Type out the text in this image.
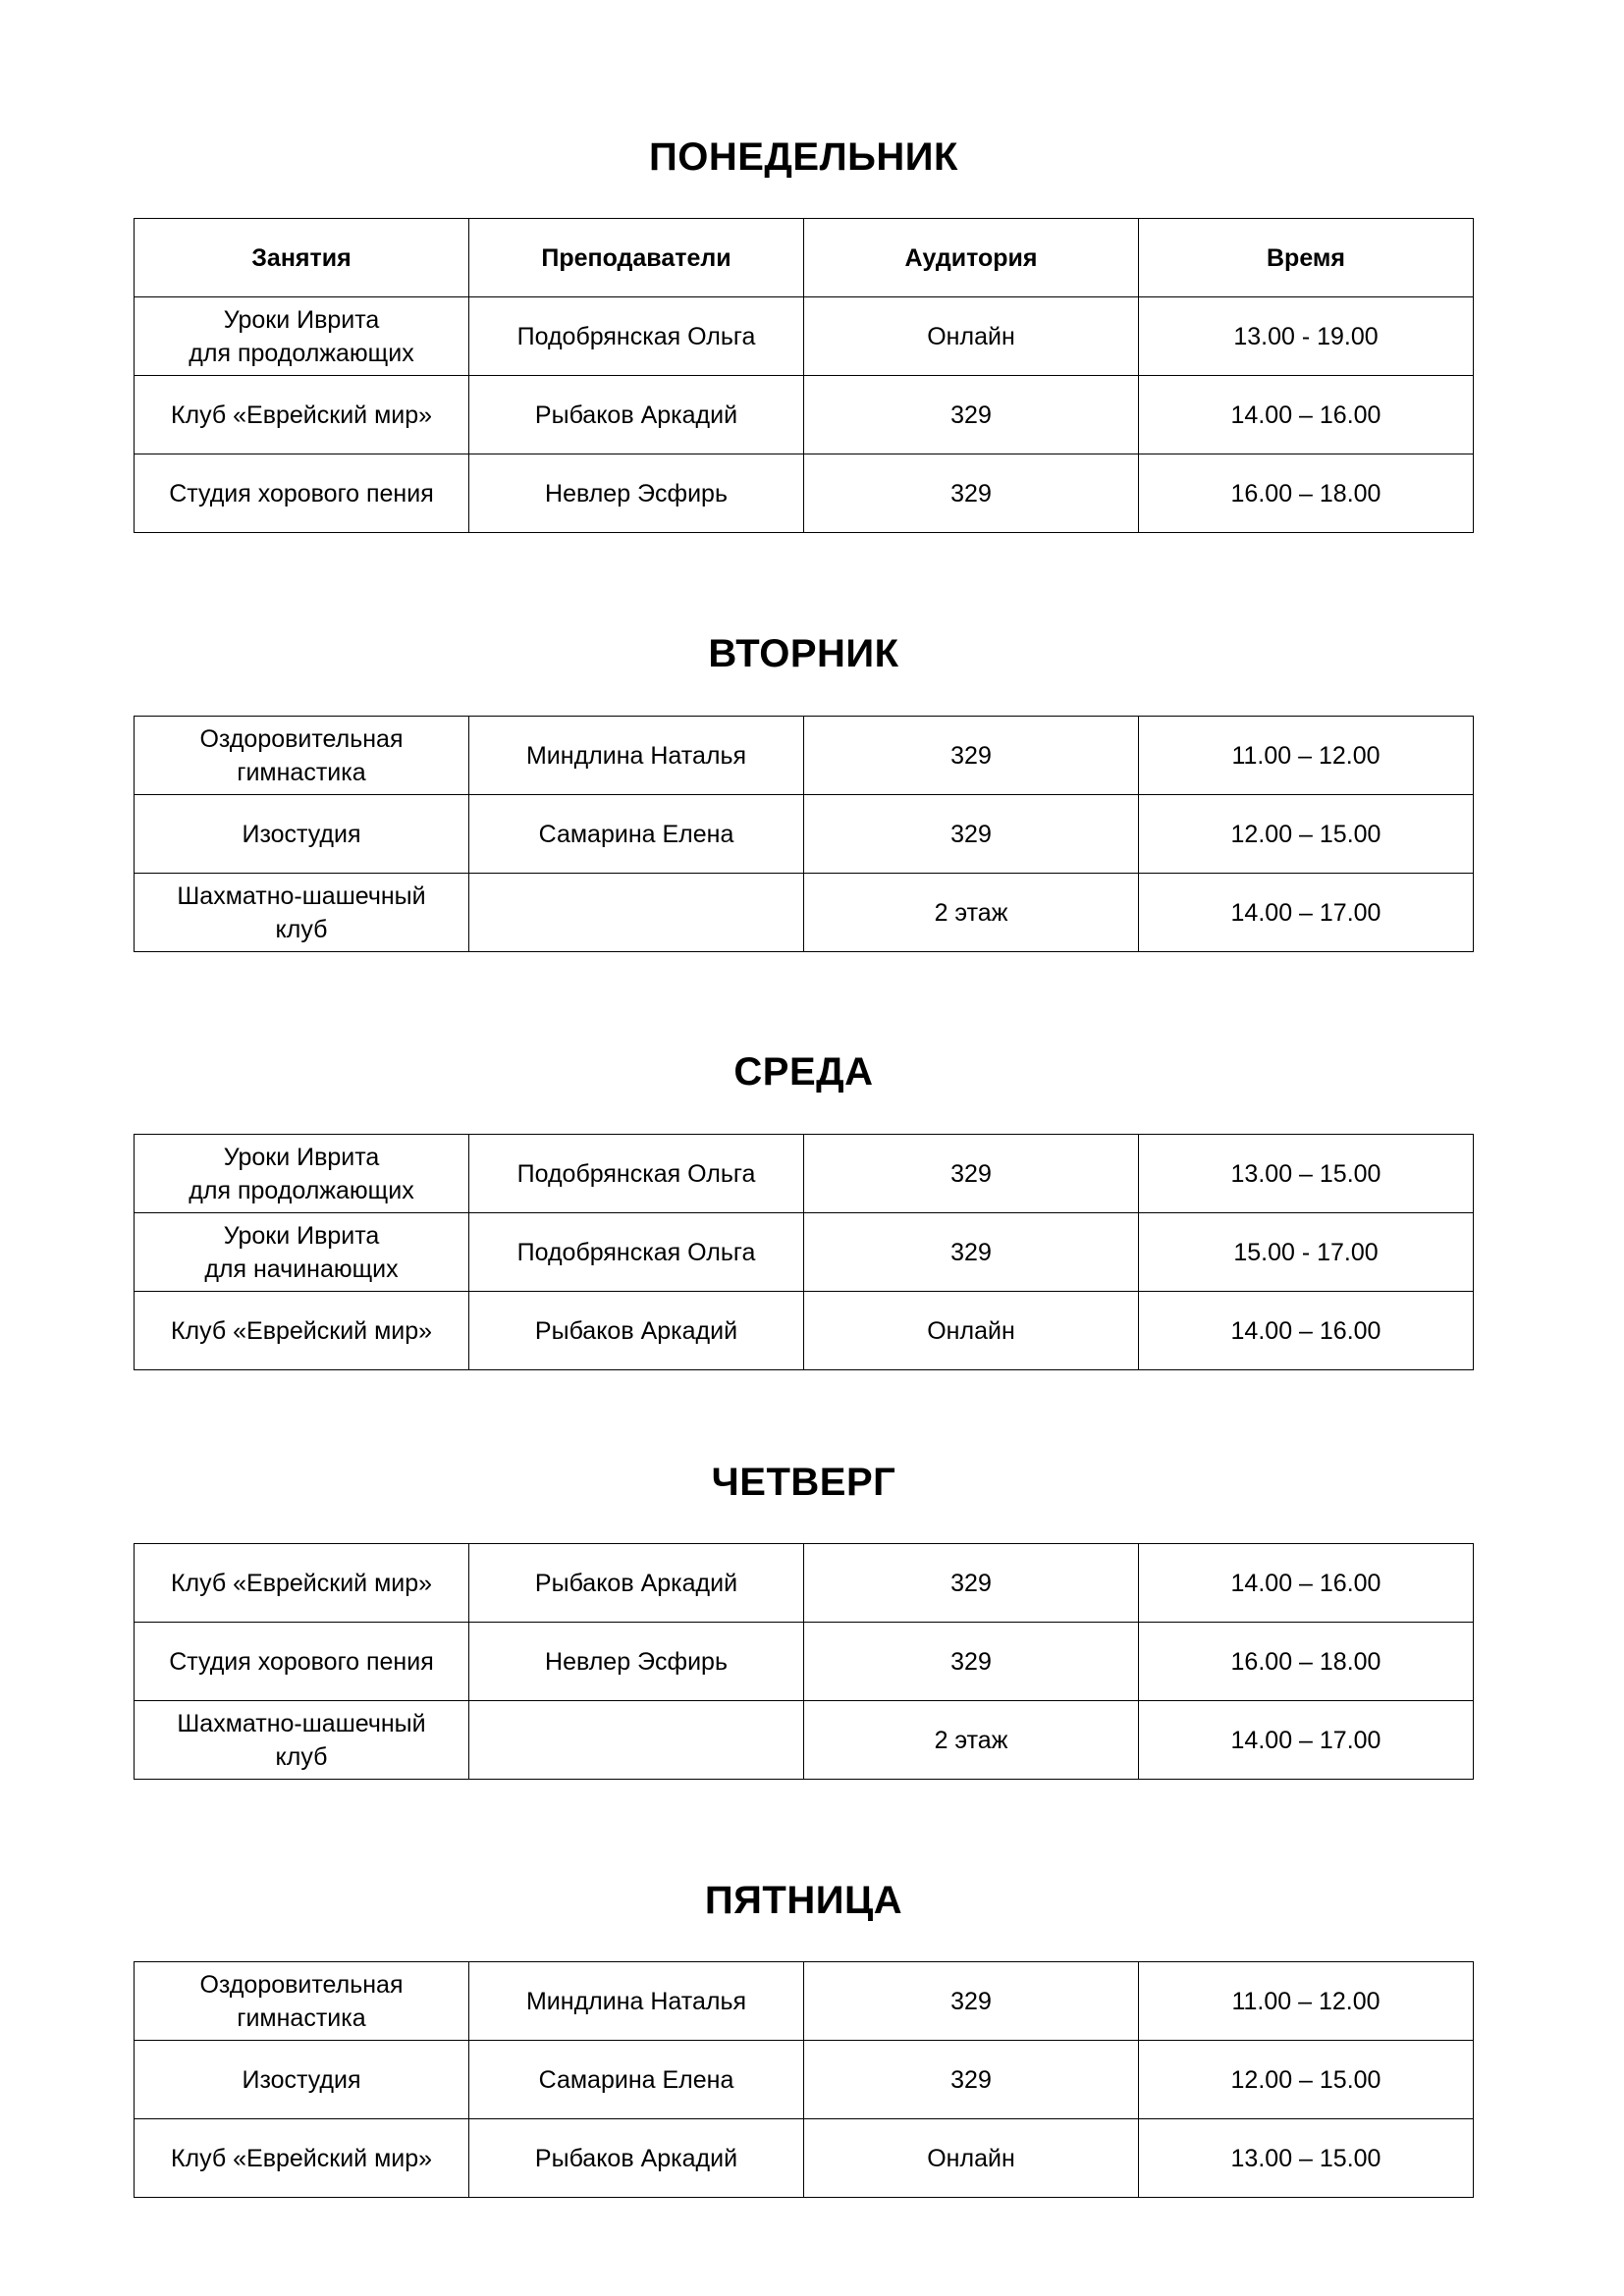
ПОНЕДЕЛЬНИК
Занятия	Преподаватели	Аудитория	Время
Уроки Иврита
для продолжающих	Подобрянская Ольга	Онлайн	13.00 - 19.00
Клуб «Еврейский мир»	Рыбаков Аркадий	329	14.00 – 16.00
Студия хорового пения	Невлер Эсфирь	329	16.00 – 18.00
ВТОРНИК
Оздоровительная
гимнастика	Миндлина Наталья	329	11.00 – 12.00
Изостудия	Самарина Елена	329	12.00 – 15.00
Шахматно-шашечный
клуб		2 этаж	14.00 – 17.00
СРЕДА
Уроки Иврита
для продолжающих	Подобрянская Ольга	329	13.00 – 15.00
Уроки Иврита
для начинающих	Подобрянская Ольга	329	15.00 - 17.00
Клуб «Еврейский мир»	Рыбаков Аркадий	Онлайн	14.00 – 16.00
ЧЕТВЕРГ
Клуб «Еврейский мир»	Рыбаков Аркадий	329	14.00 – 16.00
Студия хорового пения	Невлер Эсфирь	329	16.00 – 18.00
Шахматно-шашечный
клуб		2 этаж	14.00 – 17.00
ПЯТНИЦА
Оздоровительная
гимнастика	Миндлина Наталья	329	11.00 – 12.00
Изостудия	Самарина Елена	329	12.00 – 15.00
Клуб «Еврейский мир»	Рыбаков Аркадий	Онлайн	13.00 – 15.00
